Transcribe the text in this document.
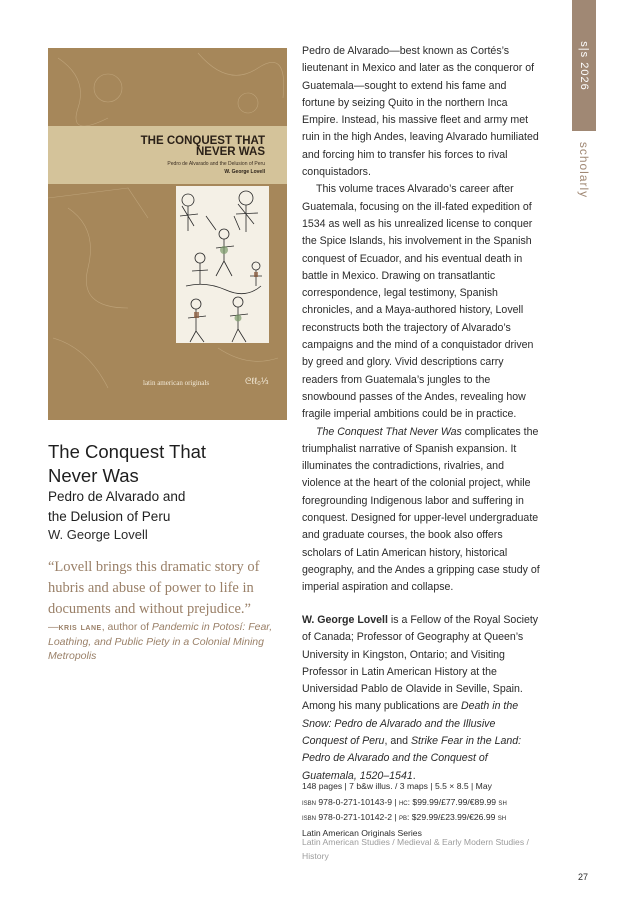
s|s 2026
scholarly
THE CONQUEST THAT
NEVER WAS
Pedro de Alvarado and the Delusion of Peru
W. George Lovell
latin american originals	ᘓℓℓ₀⅓
The Conquest That
Never Was
Pedro de Alvarado and
the Delusion of Peru
W. George Lovell
“Lovell brings this dramatic story of hubris and abuse of power to life in documents and without prejudice.”
—kris lane, author of Pandemic in Potosí: Fear, Loathing, and Public Piety in a Colonial Mining Metropolis

Pedro de Alvarado—best known as Cortés’s lieutenant in Mexico and later as the conqueror of Guatemala—sought to extend his fame and fortune by seizing Quito in the northern Inca Empire. Instead, his massive fleet and army met ruin in the high Andes, leaving Alvarado humiliated and forcing him to transfer his forces to rival conquistadors.

This volume traces Alvarado’s career after Guatemala, focusing on the ill-fated expedition of 1534 as well as his unrealized license to conquer the Spice Islands, his involvement in the Spanish conquest of Ecuador, and his eventual death in battle in Mexico. Drawing on transatlantic correspondence, legal testimony, Spanish chronicles, and a Maya-authored history, Lovell reconstructs both the trajectory of Alvarado’s campaigns and the mind of a conquistador driven by greed and glory. Vivid descriptions carry readers from Guatemala’s jungles to the snowbound passes of the Andes, revealing how fragile imperial ambitions could be in practice.

The Conquest That Never Was complicates the triumphalist narrative of Spanish expansion. It illuminates the contradictions, rivalries, and violence at the heart of the colonial project, while foregrounding Indigenous labor and suffering in conquest. Designed for upper-level undergraduate and graduate courses, the book also offers scholars of Latin American history, historical geography, and the Andes a gripping case study of imperial aspiration and collapse.

W. George Lovell is a Fellow of the Royal Society of Canada; Professor of Geography at Queen’s University in Kingston, Ontario; and Visiting Professor in Latin American History at the Universidad Pablo de Olavide in Seville, Spain. Among his many publications are Death in the Snow: Pedro de Alvarado and the Illusive Conquest of Peru, and Strike Fear in the Land: Pedro de Alvarado and the Conquest of Guatemala, 1520–1541.

148 pages | 7 b&w illus. / 3 maps | 5.5 × 8.5 | May
isbn 978-0-271-10143-9 | hc: $99.99/£77.99/€89.99 sh
isbn 978-0-271-10142-2 | pb: $29.99/£23.99/€26.99 sh
Latin American Originals Series
Latin American Studies / Medieval & Early Modern Studies / History
27
